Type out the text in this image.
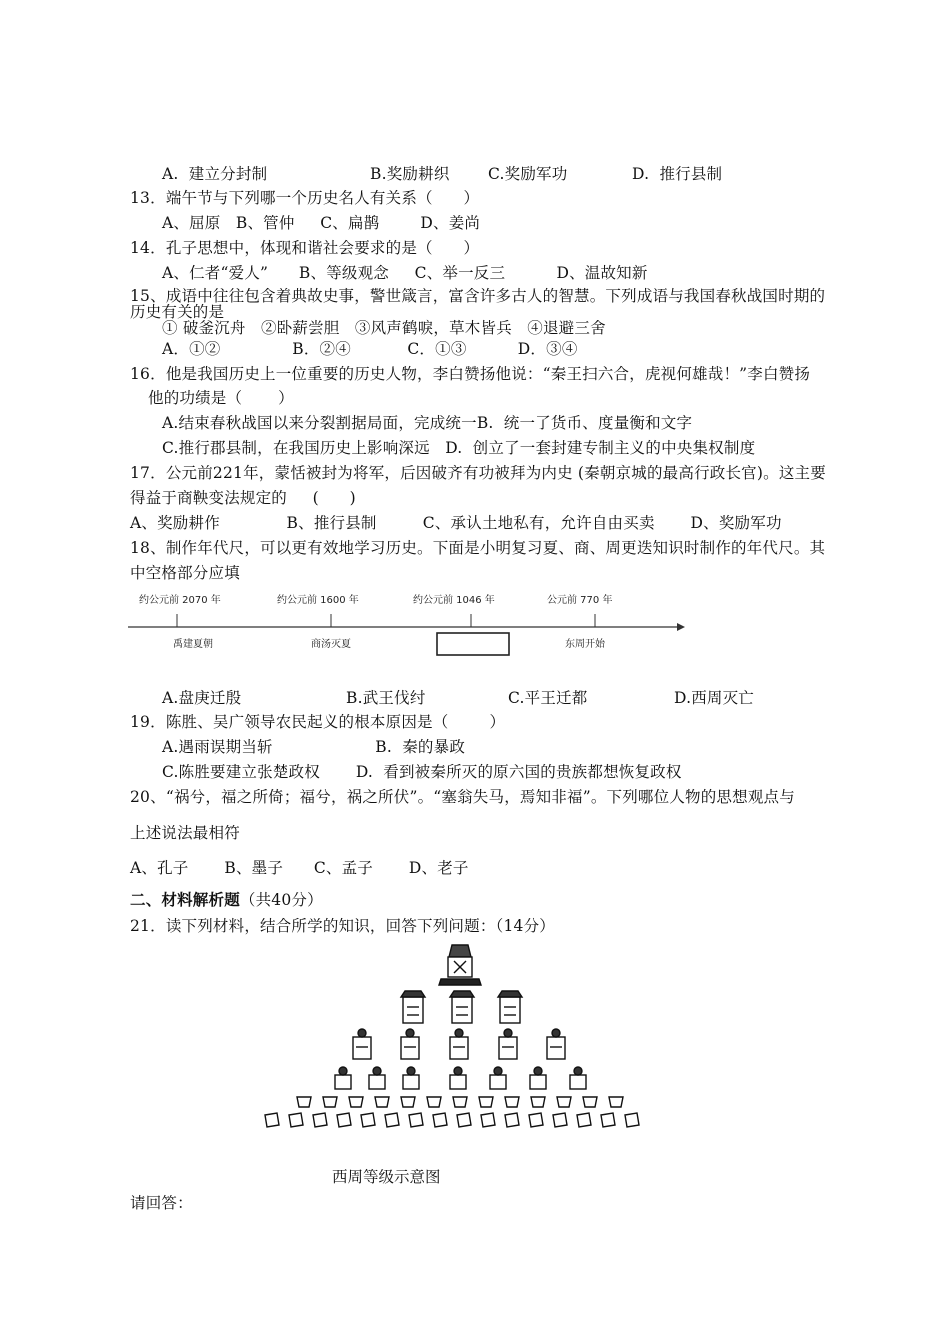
A.  建立分封制	B.奖励耕织 C.奖励军功	D.  推行县制
13．端午节与下列哪一个历史名人有关系（      ）
A、屈原   B、管仲     C、扁鹊        D、姜尚
14．孔子思想中，体现和谐社会要求的是（      ）
A、仁者“爱人”      B、等级观念     C、举一反三          D、温故知新
15、成语中往往包含着典故史事，警世箴言，富含许多古人的智慧。下列成语与我国春秋战国时期的
历史有关的是
① 破釜沉舟   ②卧薪尝胆   ③风声鹤唳，草木皆兵   ④退避三舍
A．①②              B．②④           C．①③          D．③④
16．他是我国历史上一位重要的历史人物，李白赞扬他说：“秦王扫六合，虎视何雄哉！”李白赞扬
他的功绩是（       ）
A.结束春秋战国以来分裂割据局面，完成统一B.  统一了货币、度量衡和文字
C.推行郡县制，在我国历史上影响深远   D.  创立了一套封建专制主义的中央集权制度
17．公元前221年，蒙恬被封为将军，后因破齐有功被拜为内史 (秦朝京城的最高行政长官)。这主要
得益于商鞅变法规定的     (      )
A、奖励耕作             B、推行县制         C、承认土地私有，允许自由买卖       D、奖励军功
18、制作年代尺，可以更有效地学习历史。下面是小明复习夏、商、周更迭知识时制作的年代尺。其
中空格部分应填
约公元前 2070 年	约公元前 1600 年	约公元前 1046 年	公元前 770 年
禹建夏朝	商汤灭夏	东周开始
A.盘庚迁殷	B.武王伐纣	C.平王迁都	D.西周灭亡
19．陈胜、吴广领导农民起义的根本原因是（        ）
A.遇雨误期当斩                    B.  秦的暴政
C.陈胜要建立张楚政权       D.  看到被秦所灭的原六国的贵族都想恢复政权
20、“祸兮，福之所倚；福兮，祸之所伏”。“塞翁失马，焉知非福”。下列哪位人物的思想观点与
上述说法最相符
A、孔子       B、墨子      C、孟子       D、老子
二、材料解析题（共40分）
21．读下列材料，结合所学的知识，回答下列问题：（14分）
西周等级示意图
请回答：
